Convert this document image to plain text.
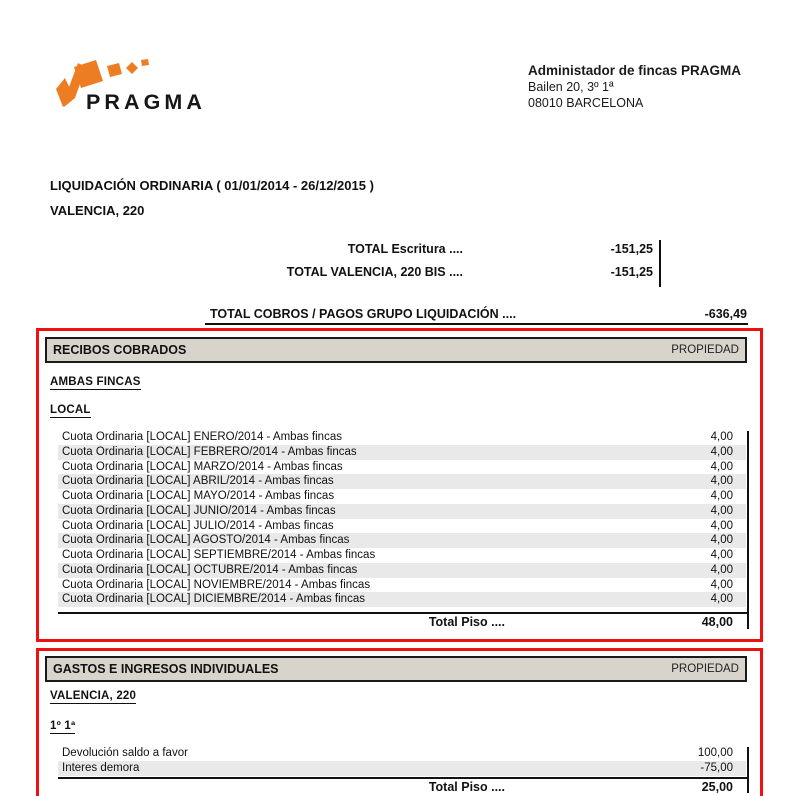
PRAGMA
Administador de fincas PRAGMA
Bailen 20, 3º 1ª
08010 BARCELONA
LIQUIDACIÓN ORDINARIA ( 01/01/2014 - 26/12/2015 )
VALENCIA, 220
TOTAL Escritura ....	-151,25
TOTAL VALENCIA, 220 BIS ....	-151,25
TOTAL COBROS / PAGOS GRUPO LIQUIDACIÓN ....	-636,49
RECIBOS COBRADOS	PROPIEDAD
AMBAS FINCAS
LOCAL
Cuota Ordinaria [LOCAL] ENERO/2014 - Ambas fincas	4,00
Cuota Ordinaria [LOCAL] FEBRERO/2014 - Ambas fincas	4,00
Cuota Ordinaria [LOCAL] MARZO/2014 - Ambas fincas	4,00
Cuota Ordinaria [LOCAL] ABRIL/2014 - Ambas fincas	4,00
Cuota Ordinaria [LOCAL] MAYO/2014 - Ambas fincas	4,00
Cuota Ordinaria [LOCAL] JUNIO/2014 - Ambas fincas	4,00
Cuota Ordinaria [LOCAL] JULIO/2014 - Ambas fincas	4,00
Cuota Ordinaria [LOCAL] AGOSTO/2014 - Ambas fincas	4,00
Cuota Ordinaria [LOCAL] SEPTIEMBRE/2014 - Ambas fincas	4,00
Cuota Ordinaria [LOCAL] OCTUBRE/2014 - Ambas fincas	4,00
Cuota Ordinaria [LOCAL] NOVIEMBRE/2014 - Ambas fincas	4,00
Cuota Ordinaria [LOCAL] DICIEMBRE/2014 - Ambas fincas	4,00
Total Piso ....	48,00
GASTOS E INGRESOS INDIVIDUALES	PROPIEDAD
VALENCIA, 220
1º 1ª
Devolución saldo a favor	100,00
Interes demora	-75,00
Total Piso ....	25,00
